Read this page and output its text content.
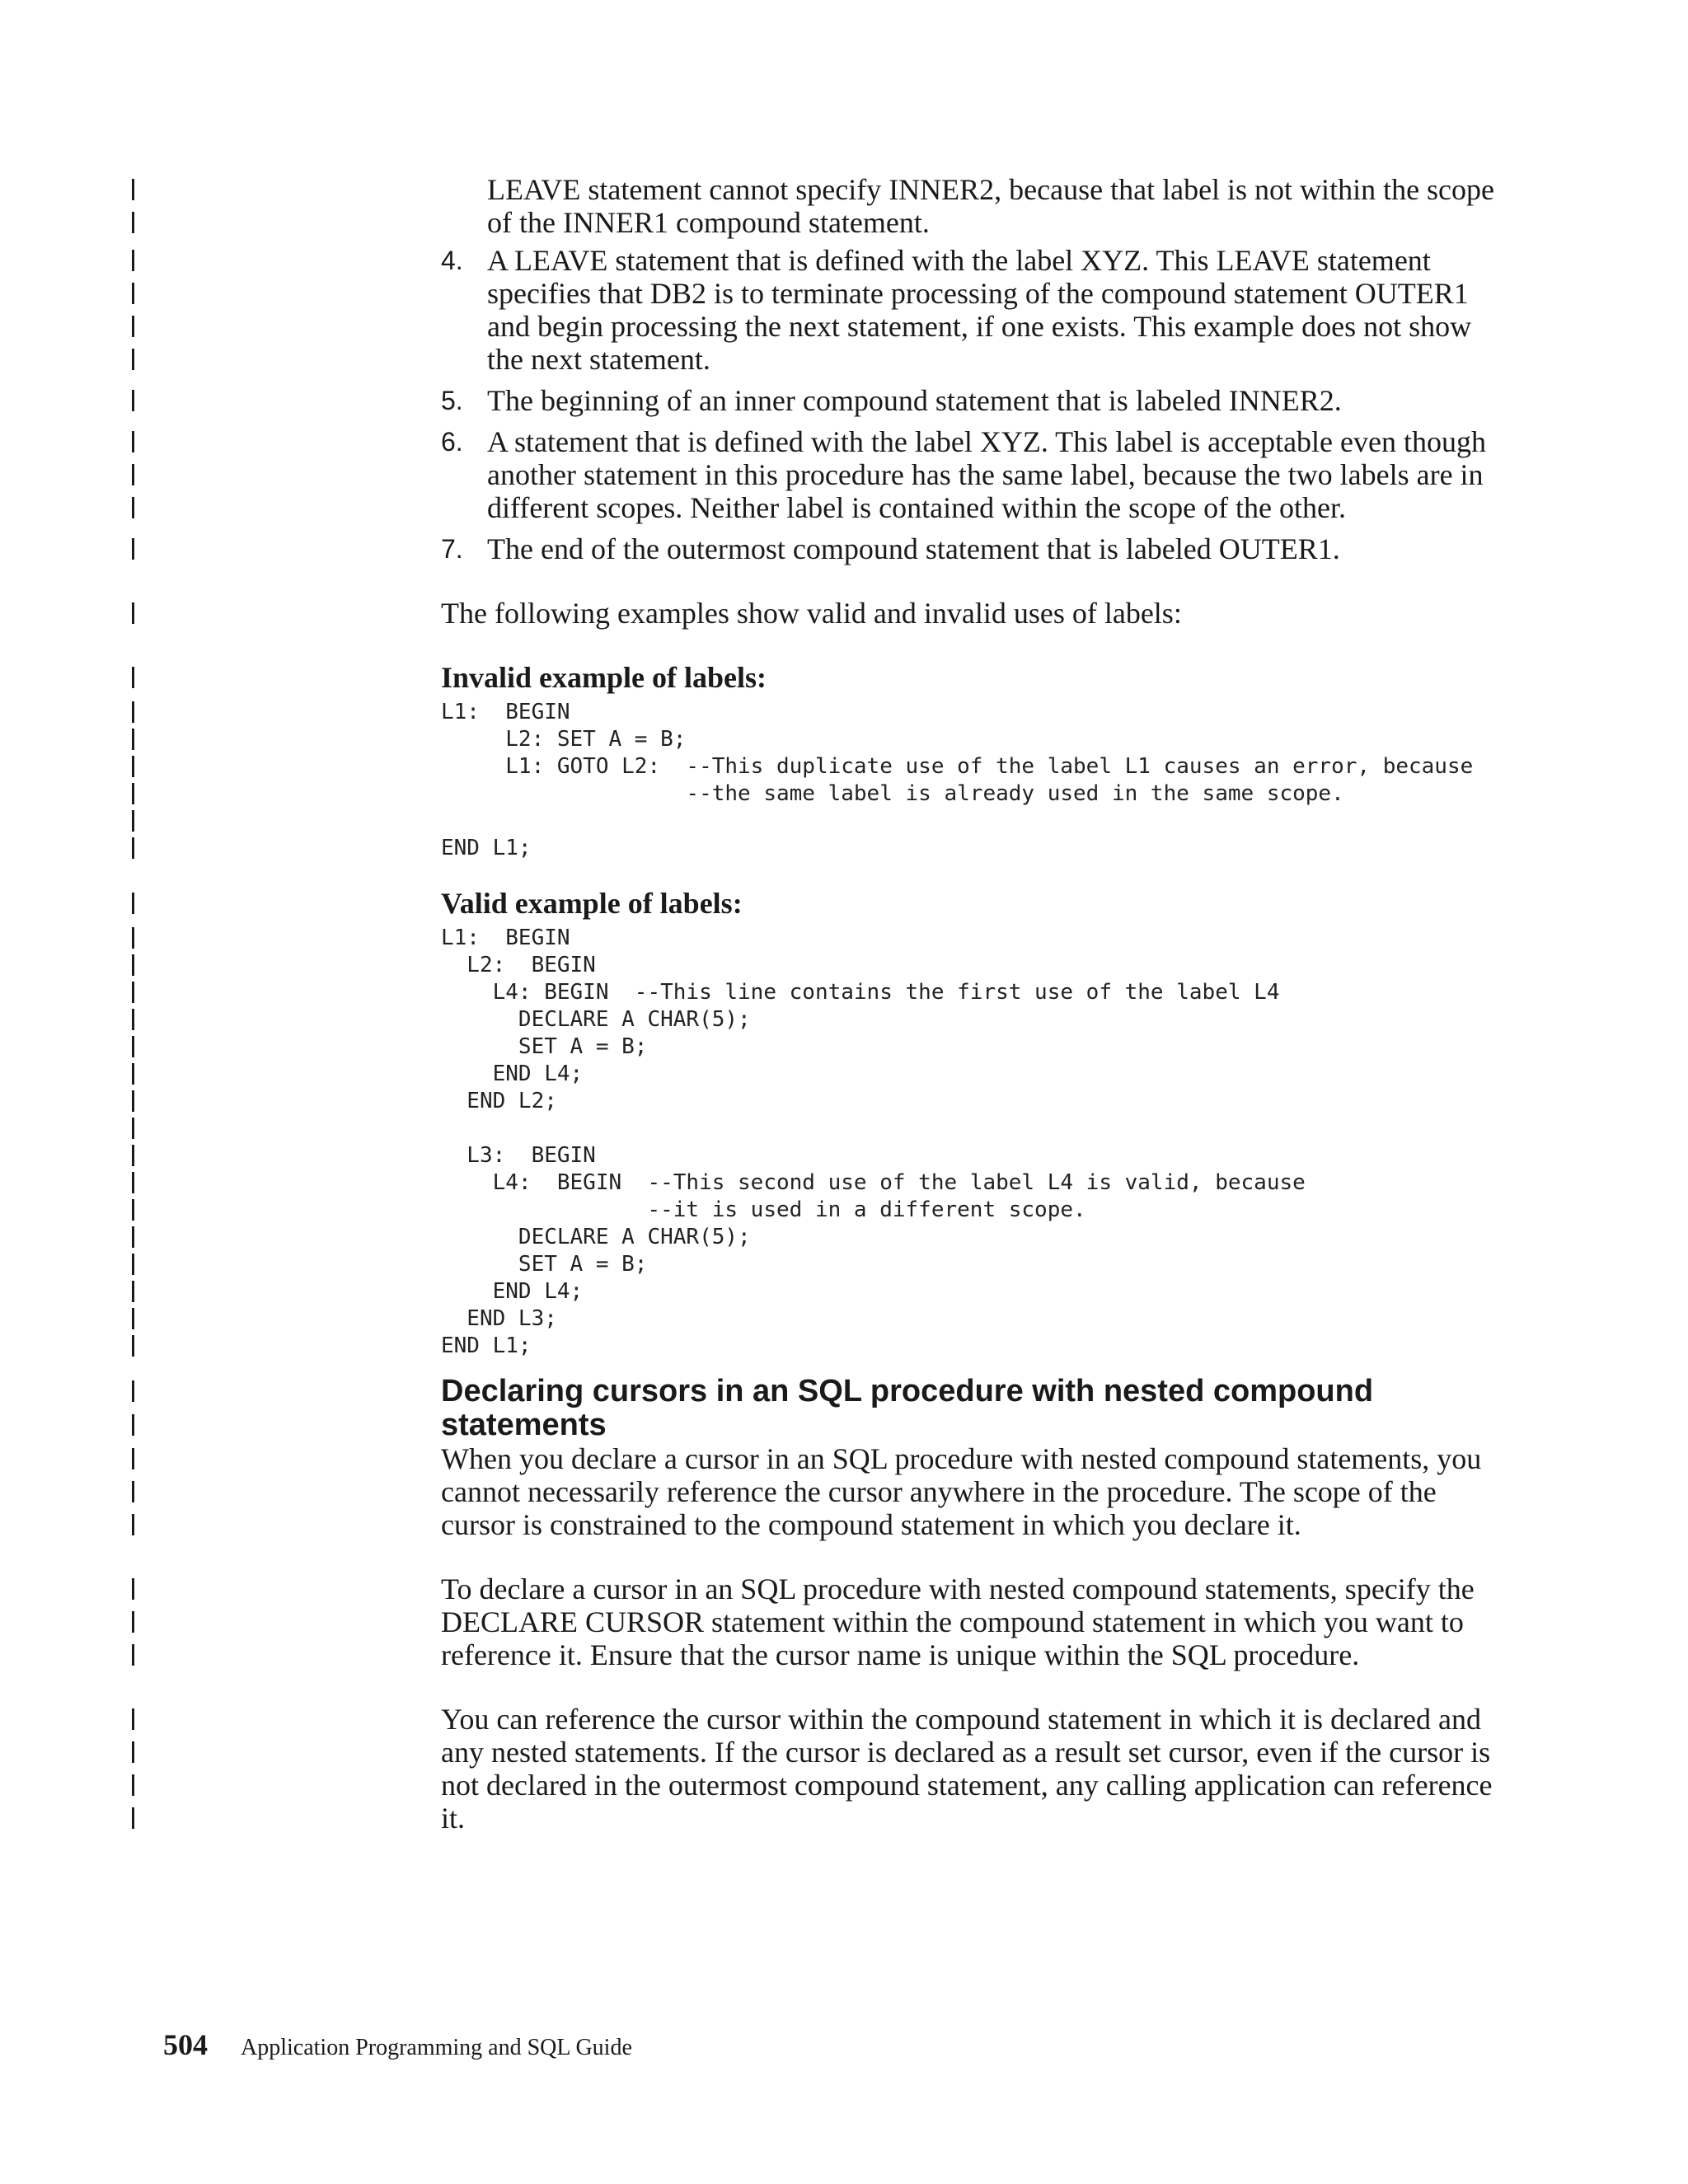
LEAVE statement cannot specify INNER2, because that label is not within the scope of the INNER1 compound statement.
4. A LEAVE statement that is defined with the label XYZ. This LEAVE statement specifies that DB2 is to terminate processing of the compound statement OUTER1 and begin processing the next statement, if one exists. This example does not show the next statement.
5. The beginning of an inner compound statement that is labeled INNER2.
6. A statement that is defined with the label XYZ. This label is acceptable even though another statement in this procedure has the same label, because the two labels are in different scopes. Neither label is contained within the scope of the other.
7. The end of the outermost compound statement that is labeled OUTER1.
The following examples show valid and invalid uses of labels:
Invalid example of labels:
L1:  BEGIN
L2: SET A = B;
L1: GOTO L2:  --This duplicate use of the label L1 causes an error, because
--the same label is already used in the same scope.

END L1;
Valid example of labels:
L1:  BEGIN
L2:  BEGIN
L4: BEGIN  --This line contains the first use of the label L4
DECLARE A CHAR(5);
SET A = B;
END L4;
END L2;

L3:  BEGIN
L4:  BEGIN  --This second use of the label L4 is valid, because
--it is used in a different scope.
DECLARE A CHAR(5);
SET A = B;
END L4;
END L3;
END L1;
Declaring cursors in an SQL procedure with nested compound statements
When you declare a cursor in an SQL procedure with nested compound statements, you cannot necessarily reference the cursor anywhere in the procedure. The scope of the cursor is constrained to the compound statement in which you declare it.
To declare a cursor in an SQL procedure with nested compound statements, specify the DECLARE CURSOR statement within the compound statement in which you want to reference it. Ensure that the cursor name is unique within the SQL procedure.
You can reference the cursor within the compound statement in which it is declared and any nested statements. If the cursor is declared as a result set cursor, even if the cursor is not declared in the outermost compound statement, any calling application can reference it.
504 Application Programming and SQL Guide
